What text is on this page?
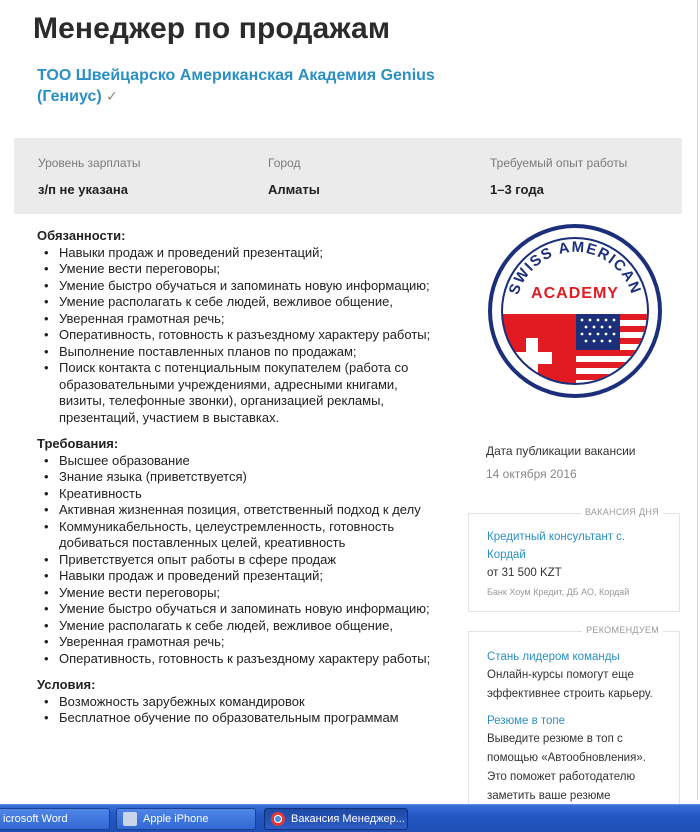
Менеджер по продажам
ТОО Швейцарско Американская Академия Genius (Гениус) ✓
Уровень зарплаты
з/п не указана
Город
Алматы
Требуемый опыт работы
1–3 года
Обязанности:
• Навыки продаж и проведений презентаций;
• Умение вести переговоры;
• Умение быстро обучаться и запоминать новую информацию;
• Умение располагать к себе людей, вежливое общение,
• Уверенная грамотная речь;
• Оперативность, готовность к разъездному характеру работы;
• Выполнение поставленных планов по продажам;
• Поиск контакта с потенциальным покупателем (работа со образовательными учреждениями, адресными книгами, визиты, телефонные звонки), организацией рекламы, презентаций, участием в выставках.
Требования:
• Высшее образование
• Знание языка (приветствуется)
• Креативность
• Активная жизненная позиция, ответственный подход к делу
• Коммуникабельность, целеустремленность, готовность добиваться поставленных целей, креативность
• Приветствуется опыт работы в сфере продаж
• Навыки продаж и проведений презентаций;
• Умение вести переговоры;
• Умение быстро обучаться и запоминать новую информацию;
• Умение располагать к себе людей, вежливое общение,
• Уверенная грамотная речь;
• Оперативность, готовность к разъездному характеру работы;
Условия:
• Возможность зарубежных командировок
• Бесплатное обучение по образовательным программам
SWISS AMERICAN
ACADEMY
Дата публикации вакансии
14 октября 2016
ВАКАНСИЯ ДНЯ
Кредитный консультант с. Кордай
от 31 500 KZT
Банк Хоум Кредит, ДБ АО, Кордай
РЕКОМЕНДУЕМ
Стань лидером команды
Онлайн-курсы помогут еще эффективнее строить карьеру.
Резюме в топе
Выведите резюме в топ с помощью «Автообновления». Это поможет работодателю заметить ваше резюме
icrosoft Word	Apple iPhone	Вакансия Менеджер...
